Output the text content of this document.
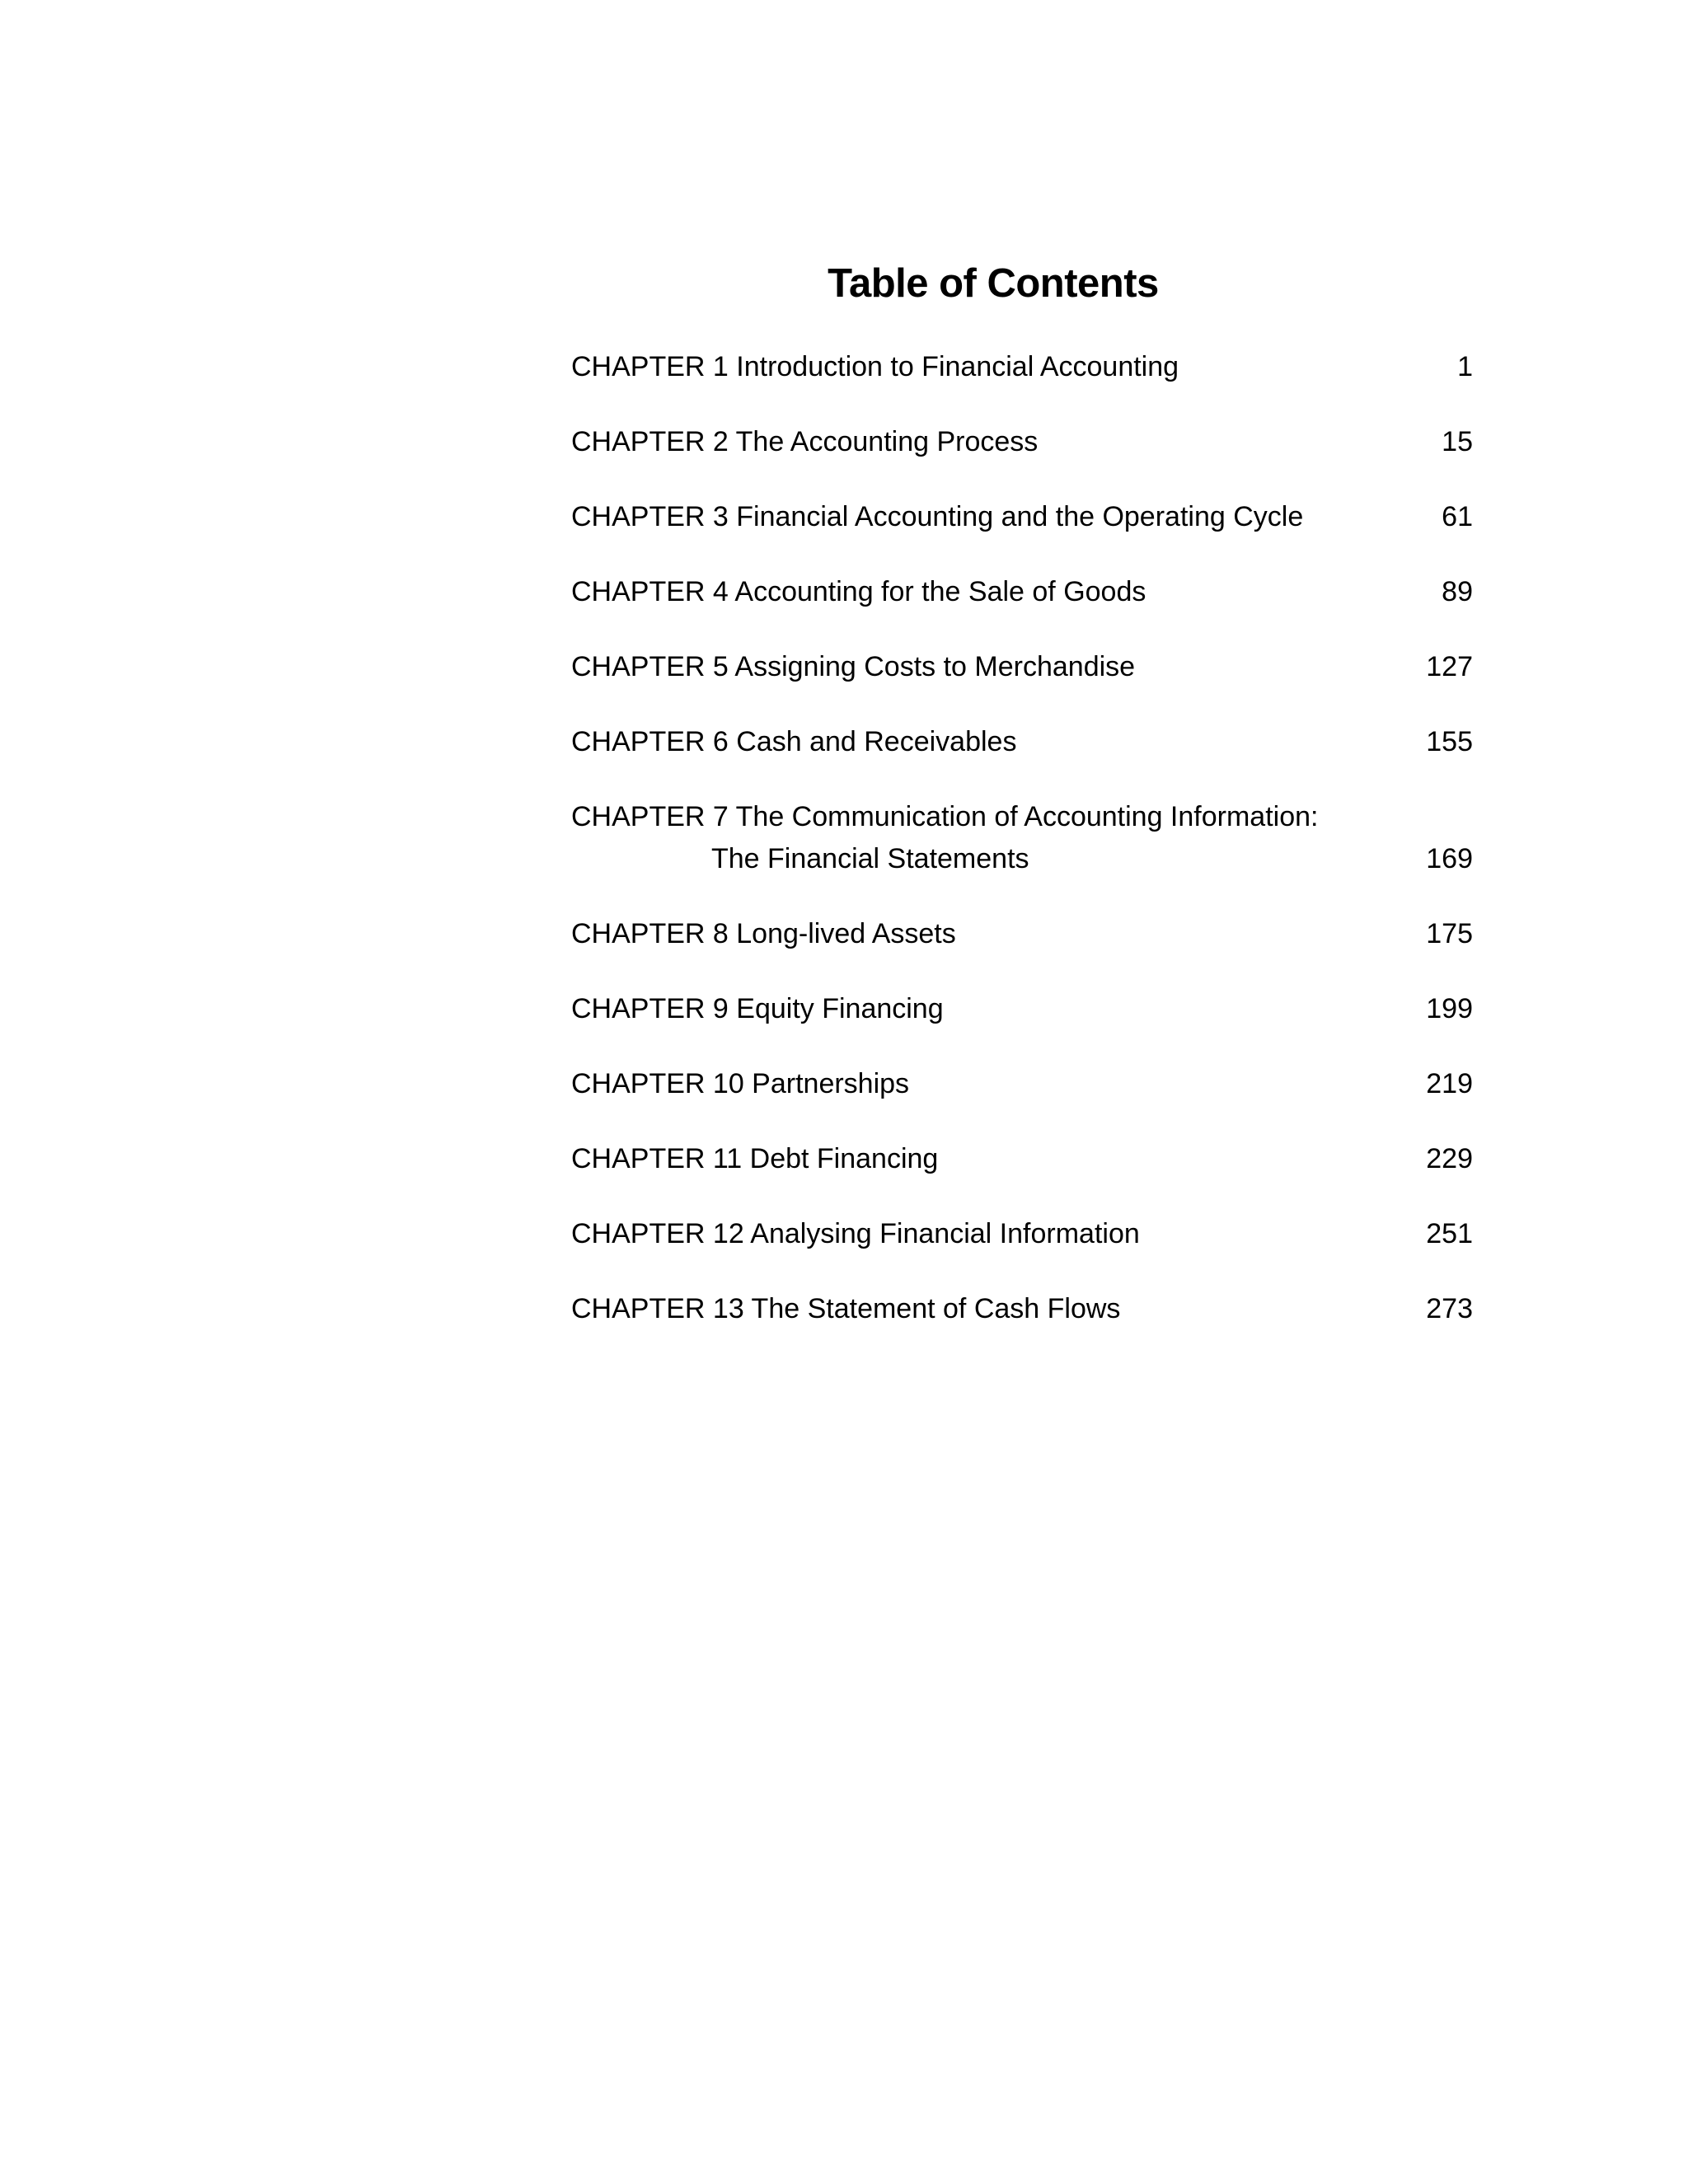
Table of Contents
CHAPTER 1 Introduction to Financial Accounting	1
CHAPTER 2 The Accounting Process	15
CHAPTER 3 Financial Accounting and the Operating Cycle	61
CHAPTER 4 Accounting for the Sale of Goods	89
CHAPTER 5 Assigning Costs to Merchandise	127
CHAPTER 6 Cash and Receivables	155
CHAPTER 7 The Communication of Accounting Information:
The Financial Statements	169
CHAPTER 8 Long-lived Assets	175
CHAPTER 9 Equity Financing	199
CHAPTER 10 Partnerships	219
CHAPTER 11 Debt Financing	229
CHAPTER 12 Analysing Financial Information	251
CHAPTER 13 The Statement of Cash Flows	273
